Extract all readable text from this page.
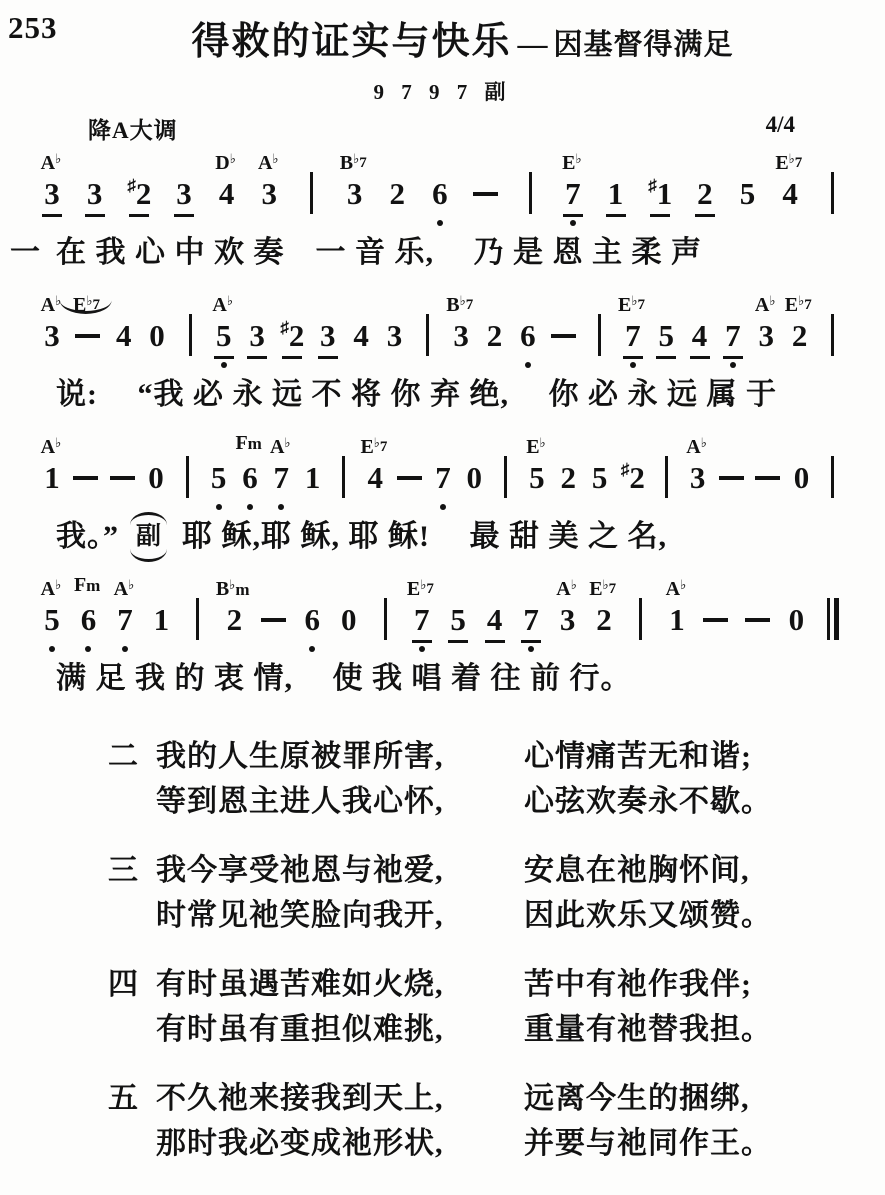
253	得救的证实与快乐 — 因基督得满足
9 7 9 7 副
降A大调	4/4
A♭
3 3 ♯ 2 3
D♭
4
A♭
3
B♭7
3 2 6
E♭
7 1 ♯ 1 2 5
E♭7
4
一 在 我 心 中 欢 奏　一 音 乐,　 乃 是 恩 主 柔 声
A♭
3
E♭7
4 0
A♭
5 3 ♯ 2 3 4 3
B♭7
3 2 6
E♭7
7 5 4 7
A♭
3
E♭7
2
说:　 “我 必 永 远 不 将 你 弃 绝,　 你 必 永 远 属 于
A♭
1	0 5
Fm
6
A♭
7 1
E♭7
4 7 0
E♭
5 2 5 ♯ 2
A♭
3	0
我。” 副 耶 稣,耶 稣, 耶 稣!　 最 甜 美 之 名,
A♭
5
Fm
6
A♭
7 1
B♭m
2 6 0
E♭7
7 5 4 7
A♭
3
E♭7
2
A♭
1	0
满 足 我 的 衷 情,　 使 我 唱 着 往 前 行。
二 我的人生原被罪所害,	心情痛苦无和谐;
等到恩主进人我心怀,	心弦欢奏永不歇。
三 我今享受祂恩与祂爱,	安息在祂胸怀间,
时常见祂笑脸向我开,	因此欢乐又颂赞。
四 有时虽遇苦难如火烧,	苦中有祂作我伴;
有时虽有重担似难挑,	重量有祂替我担。
五 不久祂来接我到天上,	远离今生的捆绑,
那时我必变成祂形状,	并要与祂同作王。
